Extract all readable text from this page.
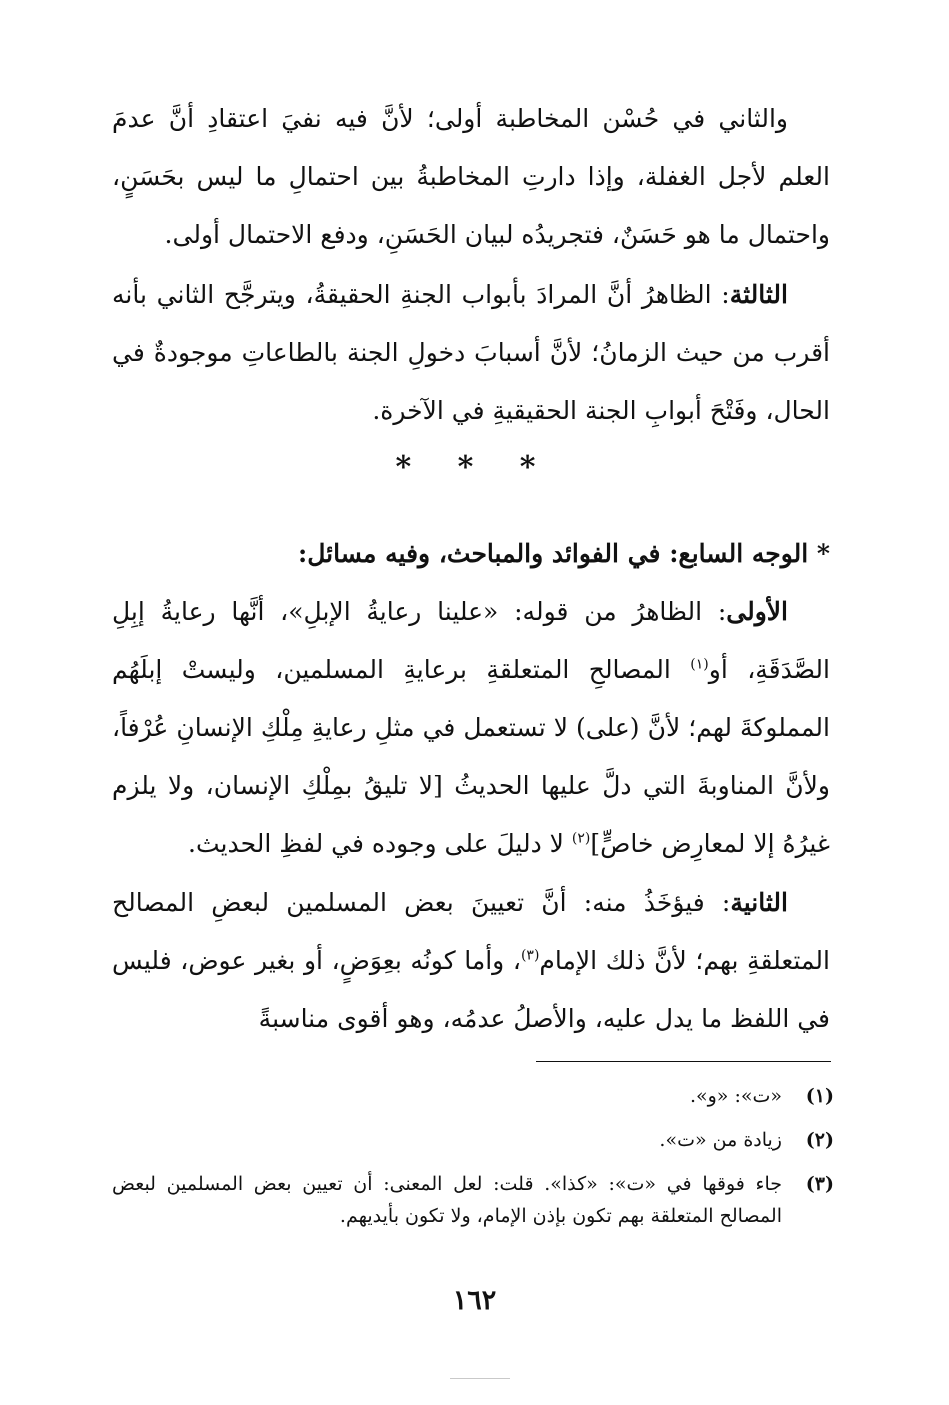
والثاني في حُسْن المخاطبة أولى؛ لأنَّ فيه نفيَ اعتقادِ أنَّ عدمَ العلم لأجل الغفلة، وإذا دارتِ المخاطبةُ بين احتمالِ ما ليس بحَسَنٍ، واحتمال ما هو حَسَنٌ، فتجريدُه لبيان الحَسَنِ، ودفع الاحتمال أولى.

الثالثة: الظاهرُ أنَّ المرادَ بأبواب الجنةِ الحقيقةُ، ويترجَّح الثاني بأنه أقرب من حيث الزمانُ؛ لأنَّ أسبابَ دخولِ الجنة بالطاعاتِ موجودةٌ في الحال، وفَتْحَ أبوابِ الجنة الحقيقيةِ في الآخرة.

* * *
* الوجه السابع: في الفوائد والمباحث، وفيه مسائل:

الأولى: الظاهرُ من قوله: «علينا رعايةُ الإبلِ»، أنَّها رعايةُ إبِلِ الصَّدَقَةِ، أو$^{(١)}$ المصالحِ المتعلقةِ برعايةِ المسلمين، وليستْ إبلَهُم المملوكةَ لهم؛ لأنَّ (على) لا تستعمل في مثلِ رعايةِ مِلْكِ الإنسانِ عُرْفاً، ولأنَّ المناوبةَ التي دلَّ عليها الحديثُ [لا تليقُ بمِلْكِ الإنسان، ولا يلزم غيرُهُ إلا لمعارِض خاصٍّ]$^{(٢)}$ لا دليلَ على وجوده في لفظِ الحديث.

الثانية: فيؤخَذُ منه: أنَّ تعيينَ بعض المسلمين لبعضِ المصالح المتعلقةِ بهم؛ لأنَّ ذلك الإمام$^{(٣)}$، وأما كونُه بعِوَضٍ، أو بغير عوض، فليس في اللفظ ما يدل عليه، والأصلُ عدمُه، وهو أقوى مناسبةً

(١)
«ت»: «و».
(٢)
زيادة من «ت».
(٣)
جاء فوقها في «ت»: «كذا». قلت: لعل المعنى: أن تعيين بعض المسلمين لبعض المصالح المتعلقة بهم تكون بإذن الإمام، ولا تكون بأيديهم.
١٦٢
